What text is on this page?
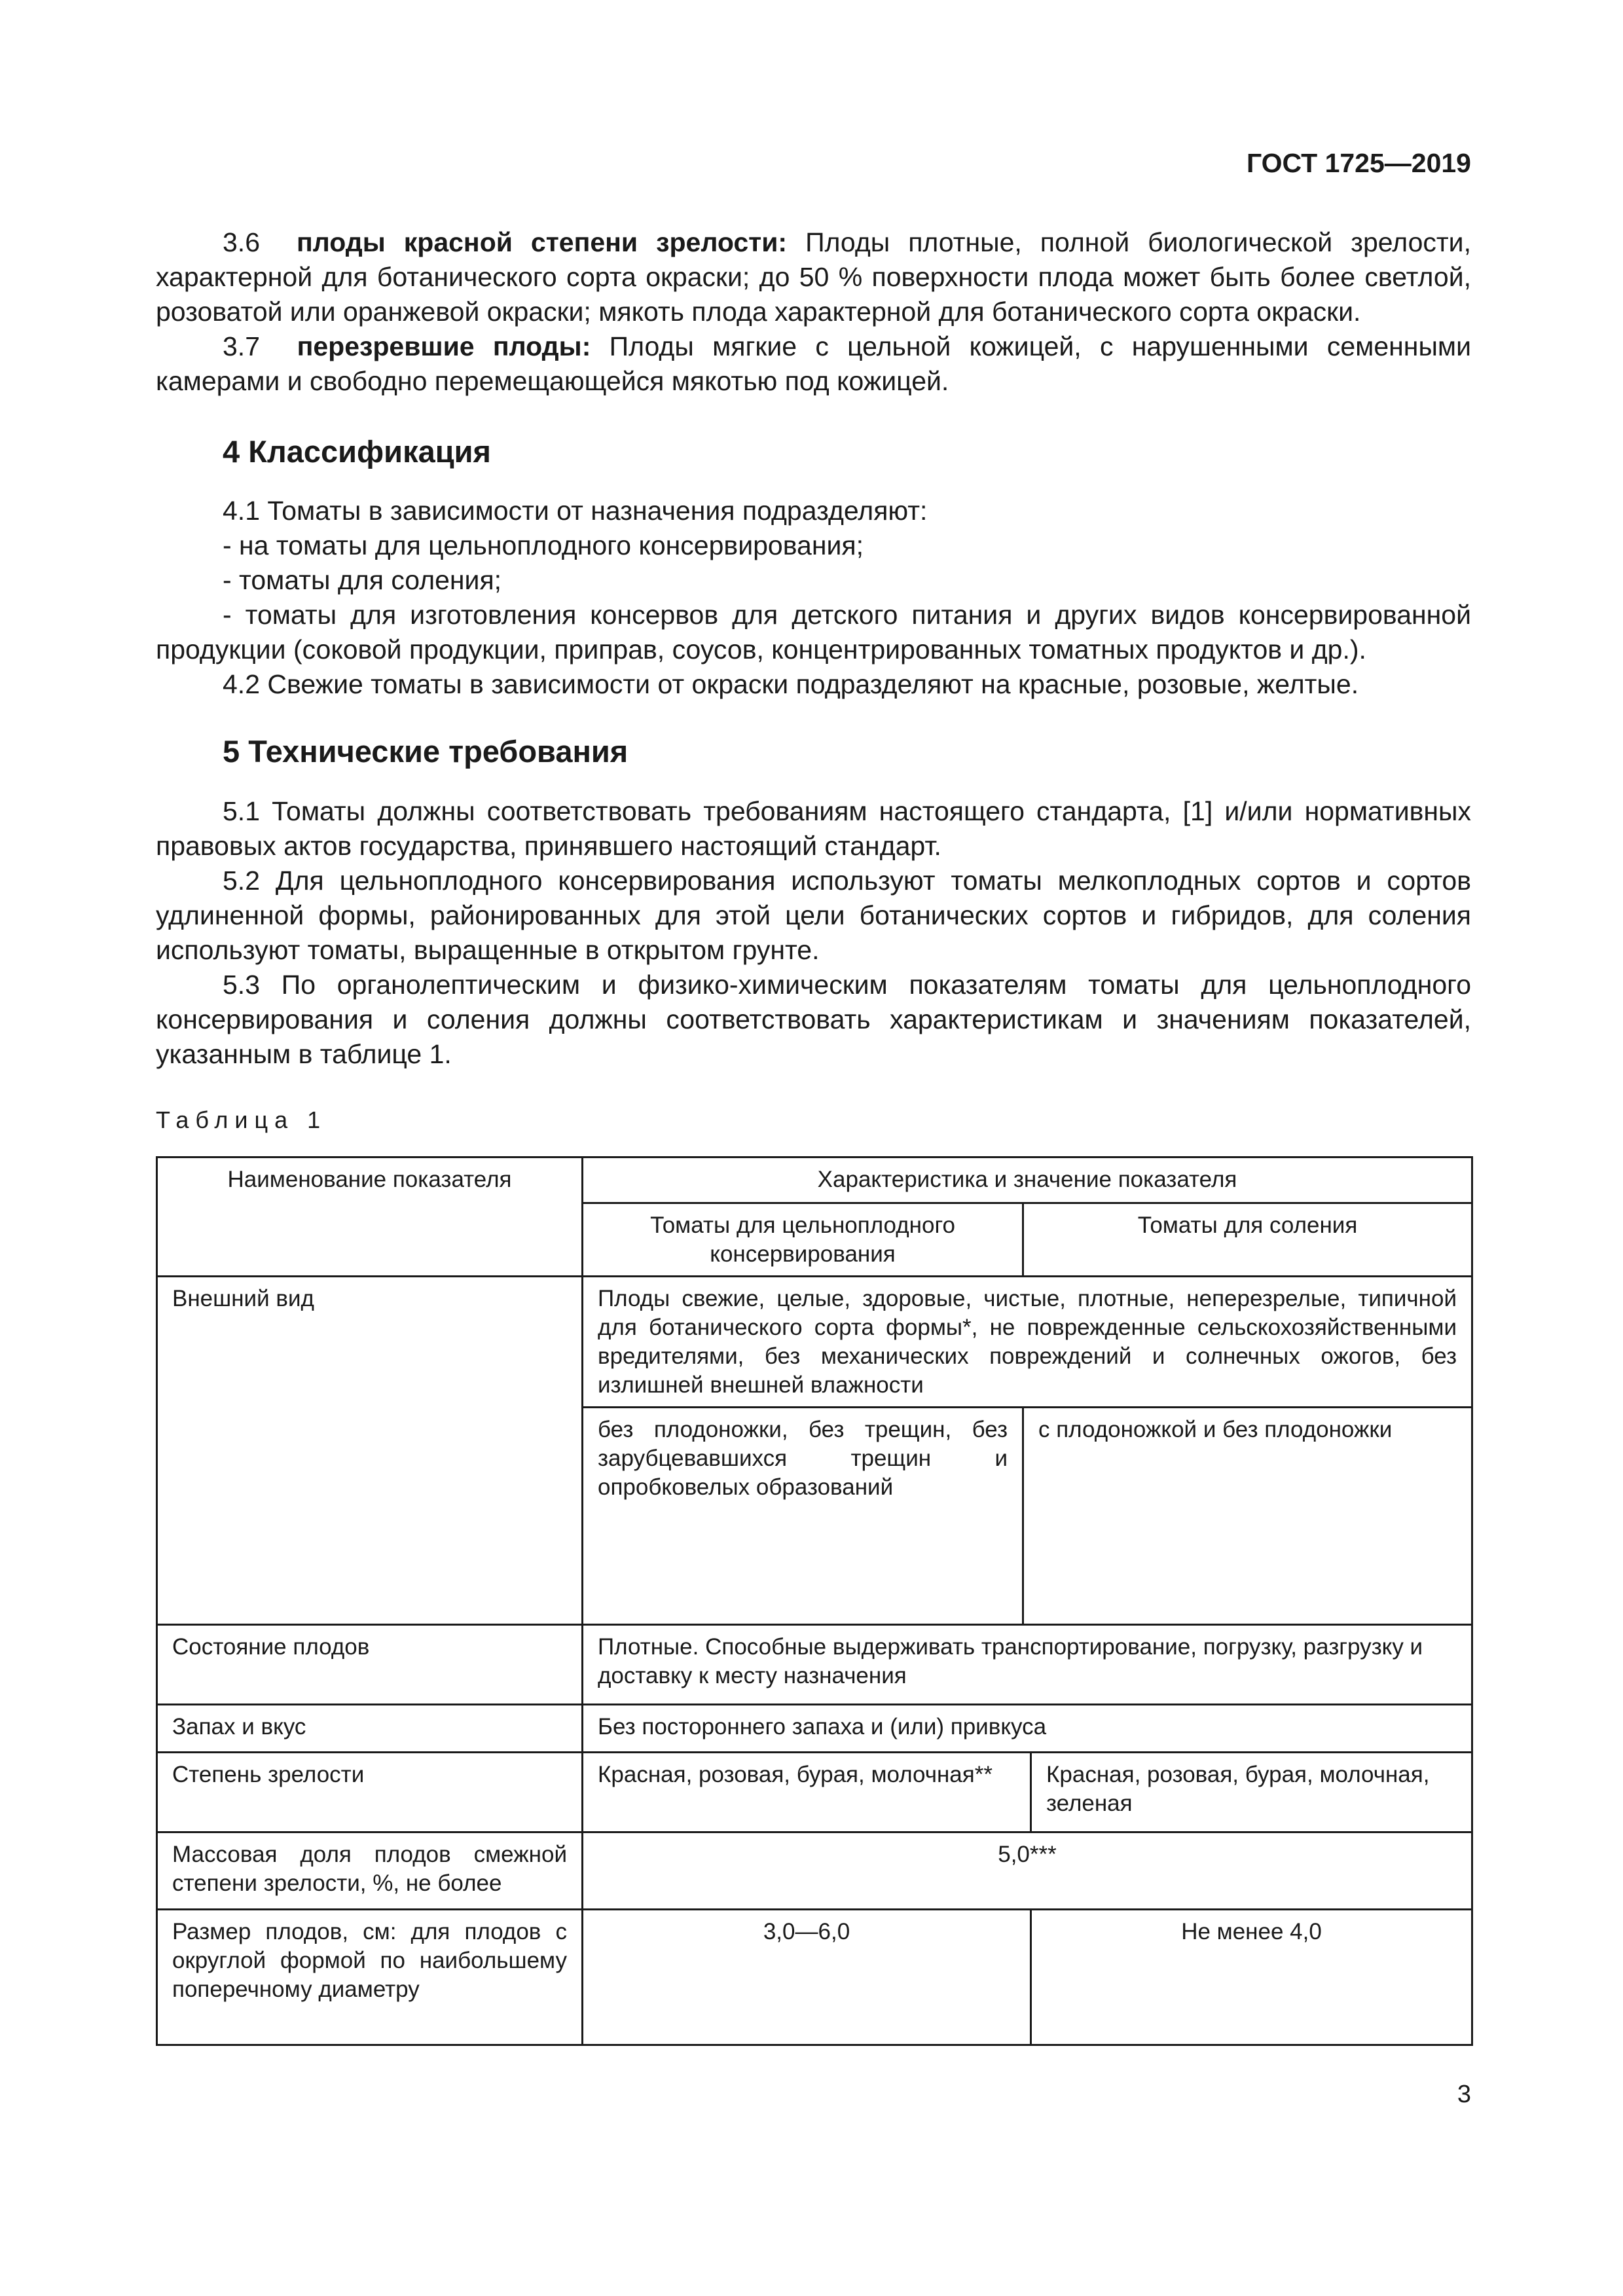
ГОСТ 1725—2019

3.6 плоды красной степени зрелости: Плоды плотные, полной биологической зрелости, характерной для ботанического сорта окраски; до 50 % поверхности плода может быть более светлой, розоватой или оранжевой окраски; мякоть плода характерной для ботанического сорта окраски.

3.7 перезревшие плоды: Плоды мягкие с цельной кожицей, с нарушенными семенными камерами и свободно перемещающейся мякотью под кожицей.

4 Классификация

4.1 Томаты в зависимости от назначения подразделяют:

- на томаты для цельноплодного консервирования;

- томаты для соления;

- томаты для изготовления консервов для детского питания и других видов консервированной продукции (соковой продукции, приправ, соусов, концентрированных томатных продуктов и др.).

4.2 Свежие томаты в зависимости от окраски подразделяют на красные, розовые, желтые.

5 Технические требования

5.1 Томаты должны соответствовать требованиям настоящего стандарта, [1] и/или нормативных правовых актов государства, принявшего настоящий стандарт.

5.2 Для цельноплодного консервирования используют томаты мелкоплодных сортов и сортов удлиненной формы, районированных для этой цели ботанических сортов и гибридов, для соления используют томаты, выращенные в открытом грунте.

5.3 По органолептическим и физико-химическим показателям томаты для цельноплодного консервирования и соления должны соответствовать характеристикам и значениям показателей, указанным в таблице 1.

Таблица 1
Наименование показателя	Характеристика и значение показателя		
	Томаты для цельноплодного консервирования	Томаты для соления	
Внешний вид	Плоды свежие, целые, здоровые, чистые, плотные, неперезрелые, типичной для ботанического сорта формы*, не поврежденные сельскохозяйственными вредителями, без механических повреждений и солнечных ожогов, без излишней внешней влажности		
	без плодоножки, без трещин, без зарубцевавшихся трещин и опробковелых образований	с плодоножкой и без плодоножки	
Состояние плодов	Плотные. Способные выдерживать транспортирование, погрузку, разгрузку и доставку к месту назначения		
Запах и вкус	Без постороннего запаха и (или) привкуса		
Степень зрелости	Красная, розовая, бурая, молочная**		Красная, розовая, бурая, молочная, зеленая
Массовая доля плодов смежной степени зрелости, %, не более	5,0***		
Размер плодов, см: для плодов с округлой формой по наибольшему поперечному диаметру	3,0—6,0		Не менее 4,0
3
